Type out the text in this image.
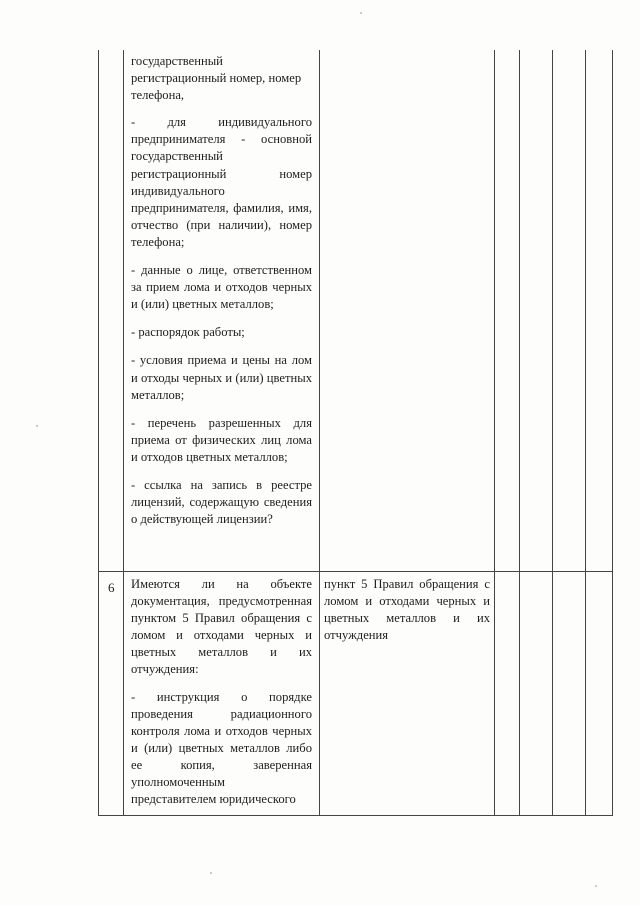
государственный регистрационный номер, номер телефона,

- для индивидуального предпринимателя - основной государственный регистрационный номер индивидуального предпринимателя, фамилия, имя, отчество (при наличии), номер телефона;

- данные о лице, ответственном за прием лома и отходов черных и (или) цветных металлов;

- распорядок работы;

- условия приема и цены на лом и отходы черных и (или) цветных металлов;

- перечень разрешенных для приема от физических лиц лома и отходов цветных металлов;

- ссылка на запись в реестре лицензий, содержащую сведения о действующей лицензии?

6 Имеются ли на объекте документация, предусмотренная пунктом 5 Правил обращения с ломом и отходами черных и цветных металлов и их отчуждения:

- инструкция о порядке проведения радиационного контроля лома и отходов черных и (или) цветных металлов либо ее копия, заверенная уполномоченным представителем юридического

пункт 5 Правил обращения с ломом и отходами черных и цветных металлов и их отчуждения
